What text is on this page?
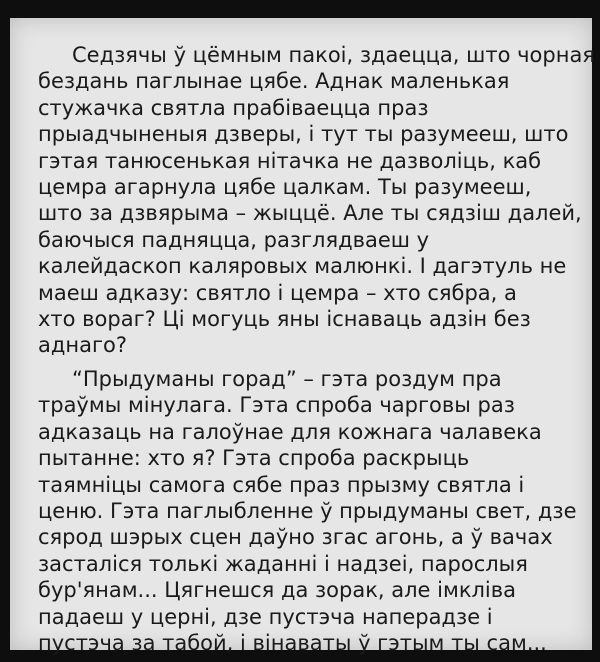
Седзячы ў цёмным пакоі, здаецца, што чорная
бездань паглынае цябе. Аднак маленькая
стужачка святла прабіваецца праз
прыадчыненыя дзверы, і тут ты разумееш, што
гэтая танюсенькая нітачка не дазволіць, каб
цемра агарнула цябе цалкам. Ты разумееш,
што за дзвярыма – жыццё. Але ты сядзіш далей,
баючыся падняцца, разглядваеш у
калейдаскоп каляровых малюнкі. І дагэтуль не
маеш адказу: святло і цемра – хто сябра, а
хто вораг? Ці могуць яны існаваць адзін без
аднаго?
“Прыдуманы горад” – гэта роздум пра
траўмы мінулага. Гэта спроба чарговы раз
адказаць на галоўнае для кожнага чалавека
пытанне: хто я? Гэта спроба раскрыць
таямніцы самога сябе праз прызму святла і
ценю. Гэта паглыбленне ў прыдуманы свет, дзе
сярод шэрых сцен даўно згас агонь, а ў вачах
засталіся толькі жаданні і надзеі, парослыя
бур'янам... Цягнешся да зорак, але імкліва
падаеш у церні, дзе пустэча наперадзе і
пустэча за табой, і вінаваты ў гэтым ты сам...
